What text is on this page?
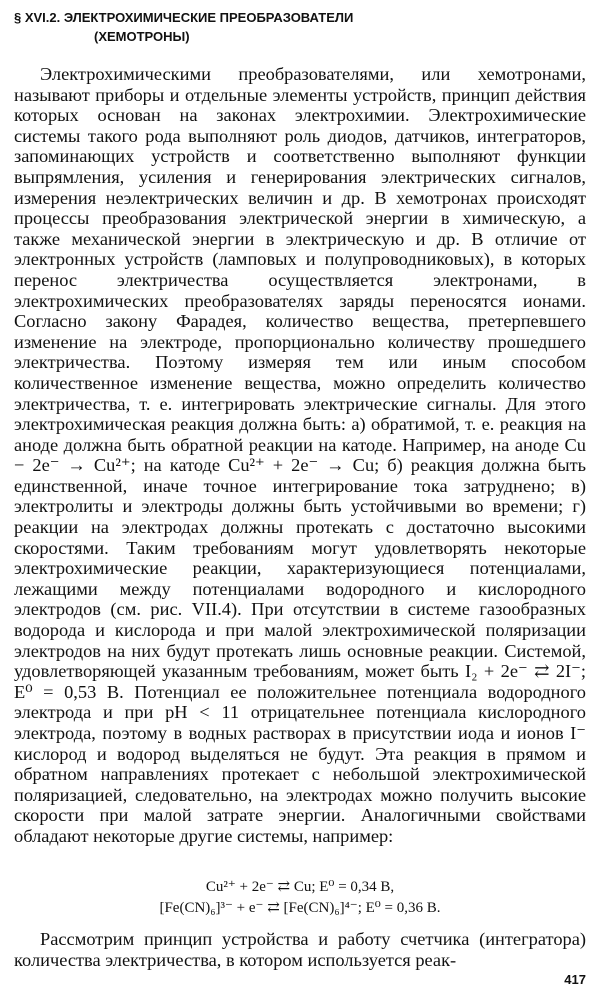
§ XVI.2. ЭЛЕКТРОХИМИЧЕСКИЕ ПРЕОБРАЗОВАТЕЛИ
(ХЕМОТРОНЫ)

Электрохимическими преобразователями, или хемотронами, называют приборы и отдельные элементы устройств, принцип действия которых основан на законах электрохимии. Электрохимические системы такого рода выполняют роль диодов, датчиков, интеграторов, запоминающих устройств и соответственно выполняют функции выпрямления, усиления и генерирования электрических сигналов, измерения неэлектрических величин и др. В хемотронах происходят процессы преобразования электрической энергии в химическую, а также механической энергии в электрическую и др. В отличие от электронных устройств (ламповых и полупроводниковых), в которых перенос электричества осуществляется электронами, в электрохимических преобразователях заряды переносятся ионами. Согласно закону Фарадея, количество вещества, претерпевшего изменение на электроде, пропорционально количеству прошедшего электричества. Поэтому измеряя тем или иным способом количественное изменение вещества, можно определить количество электричества, т. е. интегрировать электрические сигналы. Для этого электрохимическая реакция должна быть: а) обратимой, т. е. реакция на аноде должна быть обратной реакции на катоде. Например, на аноде Cu − 2e⁻ → Cu²⁺; на катоде Cu²⁺ + 2e⁻ → Cu; б) реакция должна быть единственной, иначе точное интегрирование тока затруднено; в) электролиты и электроды должны быть устойчивыми во времени; г) реакции на электродах должны протекать с достаточно высокими скоростями. Таким требованиям могут удовлетворять некоторые электрохимические реакции, характеризующиеся потенциалами, лежащими между потенциалами водородного и кислородного электродов (см. рис. VII.4). При отсутствии в системе газообразных водорода и кислорода и при малой электрохимической поляризации электродов на них будут протекать лишь основные реакции. Системой, удовлетворяющей указанным требованиям, может быть I₂ + 2e⁻ ⇄ 2I⁻; E⁰ = 0,53 В. Потенциал ее положительнее потенциала водородного электрода и при pH < 11 отрицательнее потенциала кислородного электрода, поэтому в водных растворах в присутствии иода и ионов I⁻ кислород и водород выделяться не будут. Эта реакция в прямом и обратном направлениях протекает с небольшой электрохимической поляризацией, следовательно, на электродах можно получить высокие скорости при малой затрате энергии. Аналогичными свойствами обладают некоторые другие системы, например:

Cu²⁺ + 2e⁻ ⇄ Cu; E⁰ = 0,34 В,
[Fe(CN)₆]³⁻ + e⁻ ⇄ [Fe(CN)₆]⁴⁻; E⁰ = 0,36 В.

Рассмотрим принцип устройства и работу счетчика (интегратора) количества электричества, в котором используется реак-

417
